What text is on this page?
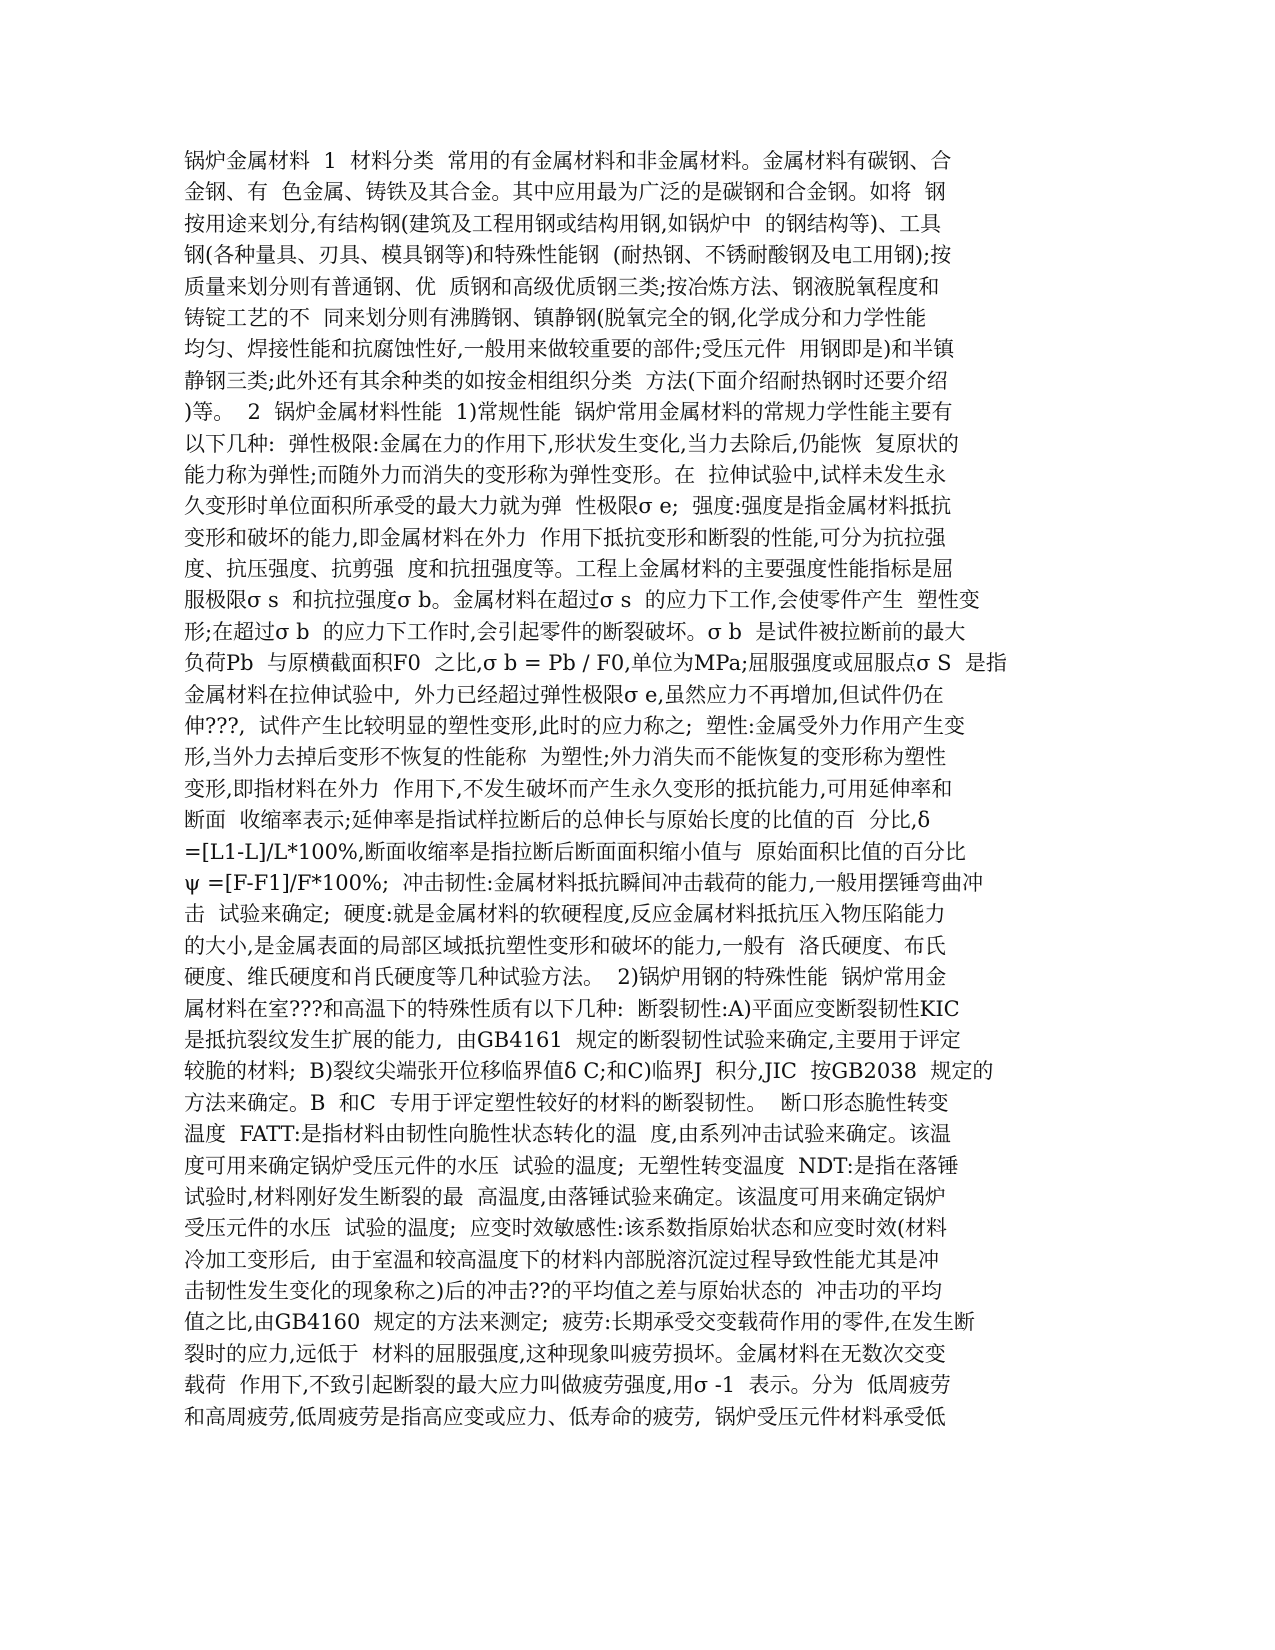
锅炉金属材料  1  材料分类  常用的有金属材料和非金属材料。金属材料有碳钢、合
金钢、有  色金属、铸铁及其合金。其中应用最为广泛的是碳钢和合金钢。如将  钢
按用途来划分,有结构钢(建筑及工程用钢或结构用钢,如锅炉中  的钢结构等)、工具
钢(各种量具、刃具、模具钢等)和特殊性能钢  (耐热钢、不锈耐酸钢及电工用钢);按
质量来划分则有普通钢、优  质钢和高级优质钢三类;按冶炼方法、钢液脱氧程度和
铸锭工艺的不  同来划分则有沸腾钢、镇静钢(脱氧完全的钢,化学成分和力学性能
均匀、焊接性能和抗腐蚀性好,一般用来做较重要的部件;受压元件  用钢即是)和半镇
静钢三类;此外还有其余种类的如按金相组织分类  方法(下面介绍耐热钢时还要介绍
)等。  2  锅炉金属材料性能  1)常规性能  锅炉常用金属材料的常规力学性能主要有
以下几种:  弹性极限:金属在力的作用下,形状发生变化,当力去除后,仍能恢  复原状的
能力称为弹性;而随外力而消失的变形称为弹性变形。在  拉伸试验中,试样未发生永
久变形时单位面积所承受的最大力就为弹  性极限σ e;  强度:强度是指金属材料抵抗
变形和破坏的能力,即金属材料在外力  作用下抵抗变形和断裂的性能,可分为抗拉强
度、抗压强度、抗剪强  度和抗扭强度等。工程上金属材料的主要强度性能指标是屈
服极限σ s  和抗拉强度σ b。金属材料在超过σ s  的应力下工作,会使零件产生  塑性变
形;在超过σ b  的应力下工作时,会引起零件的断裂破坏。σ b  是试件被拉断前的最大
负荷Pb  与原横截面积F0  之比,σ b = Pb / F0,单位为MPa;屈服强度或屈服点σ S  是指
金属材料在拉伸试验中,  外力已经超过弹性极限σ e,虽然应力不再增加,但试件仍在
伸???,  试件产生比较明显的塑性变形,此时的应力称之;  塑性:金属受外力作用产生变
形,当外力去掉后变形不恢复的性能称  为塑性;外力消失而不能恢复的变形称为塑性
变形,即指材料在外力  作用下,不发生破坏而产生永久变形的抵抗能力,可用延伸率和
断面  收缩率表示;延伸率是指试样拉断后的总伸长与原始长度的比值的百  分比,δ
=[L1-L]/L*100%,断面收缩率是指拉断后断面面积缩小值与  原始面积比值的百分比
ψ =[F-F1]/F*100%;  冲击韧性:金属材料抵抗瞬间冲击载荷的能力,一般用摆锤弯曲冲
击  试验来确定;  硬度:就是金属材料的软硬程度,反应金属材料抵抗压入物压陷能力
的大小,是金属表面的局部区域抵抗塑性变形和破坏的能力,一般有  洛氏硬度、布氏
硬度、维氏硬度和肖氏硬度等几种试验方法。  2)锅炉用钢的特殊性能  锅炉常用金
属材料在室???和高温下的特殊性质有以下几种:  断裂韧性:A)平面应变断裂韧性KIC
是抵抗裂纹发生扩展的能力,  由GB4161  规定的断裂韧性试验来确定,主要用于评定
较脆的材料;  B)裂纹尖端张开位移临界值δ C;和C)临界J  积分,JIC  按GB2038  规定的
方法来确定。B  和C  专用于评定塑性较好的材料的断裂韧性。  断口形态脆性转变
温度  FATT:是指材料由韧性向脆性状态转化的温  度,由系列冲击试验来确定。该温
度可用来确定锅炉受压元件的水压  试验的温度;  无塑性转变温度  NDT:是指在落锤
试验时,材料刚好发生断裂的最  高温度,由落锤试验来确定。该温度可用来确定锅炉
受压元件的水压  试验的温度;  应变时效敏感性:该系数指原始状态和应变时效(材料
冷加工变形后,  由于室温和较高温度下的材料内部脱溶沉淀过程导致性能尤其是冲
击韧性发生变化的现象称之)后的冲击??的平均值之差与原始状态的  冲击功的平均
值之比,由GB4160  规定的方法来测定;  疲劳:长期承受交变载荷作用的零件,在发生断
裂时的应力,远低于  材料的屈服强度,这种现象叫疲劳损坏。金属材料在无数次交变
载荷  作用下,不致引起断裂的最大应力叫做疲劳强度,用σ -1  表示。分为  低周疲劳
和高周疲劳,低周疲劳是指高应变或应力、低寿命的疲劳,  锅炉受压元件材料承受低
